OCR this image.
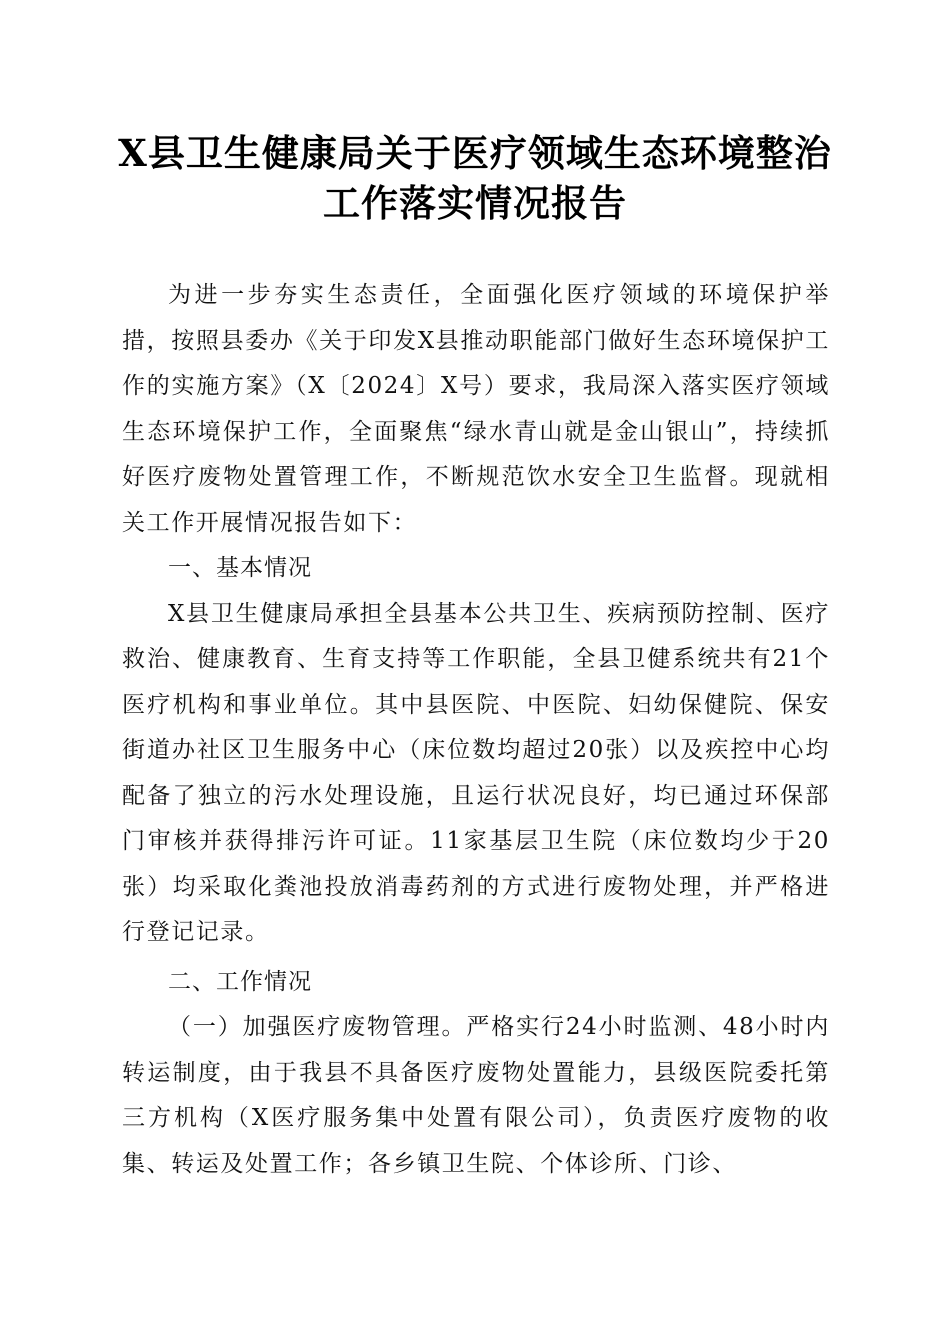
X县卫生健康局关于医疗领域生态环境整治工作落实情况报告

为进一步夯实生态责任，全面强化医疗领域的环境保护举措，按照县委办《关于印发X县推动职能部门做好生态环境保护工作的实施方案》（X〔2024〕X号）要求，我局深入落实医疗领域生态环境保护工作，全面聚焦“绿水青山就是金山银山”，持续抓好医疗废物处置管理工作，不断规范饮水安全卫生监督。现就相关工作开展情况报告如下：

一、基本情况

X县卫生健康局承担全县基本公共卫生、疾病预防控制、医疗救治、健康教育、生育支持等工作职能，全县卫健系统共有21个医疗机构和事业单位。其中县医院、中医院、妇幼保健院、保安街道办社区卫生服务中心（床位数均超过20张）以及疾控中心均配备了独立的污水处理设施，且运行状况良好，均已通过环保部门审核并获得排污许可证。11家基层卫生院（床位数均少于20张）均采取化粪池投放消毒药剂的方式进行废物处理，并严格进行登记记录。

二、工作情况

（一）加强医疗废物管理。严格实行24小时监测、48小时内转运制度，由于我县不具备医疗废物处置能力，县级医院委托第三方机构（X医疗服务集中处置有限公司），负责医疗废物的收集、转运及处置工作；各乡镇卫生院、个体诊所、门诊、
